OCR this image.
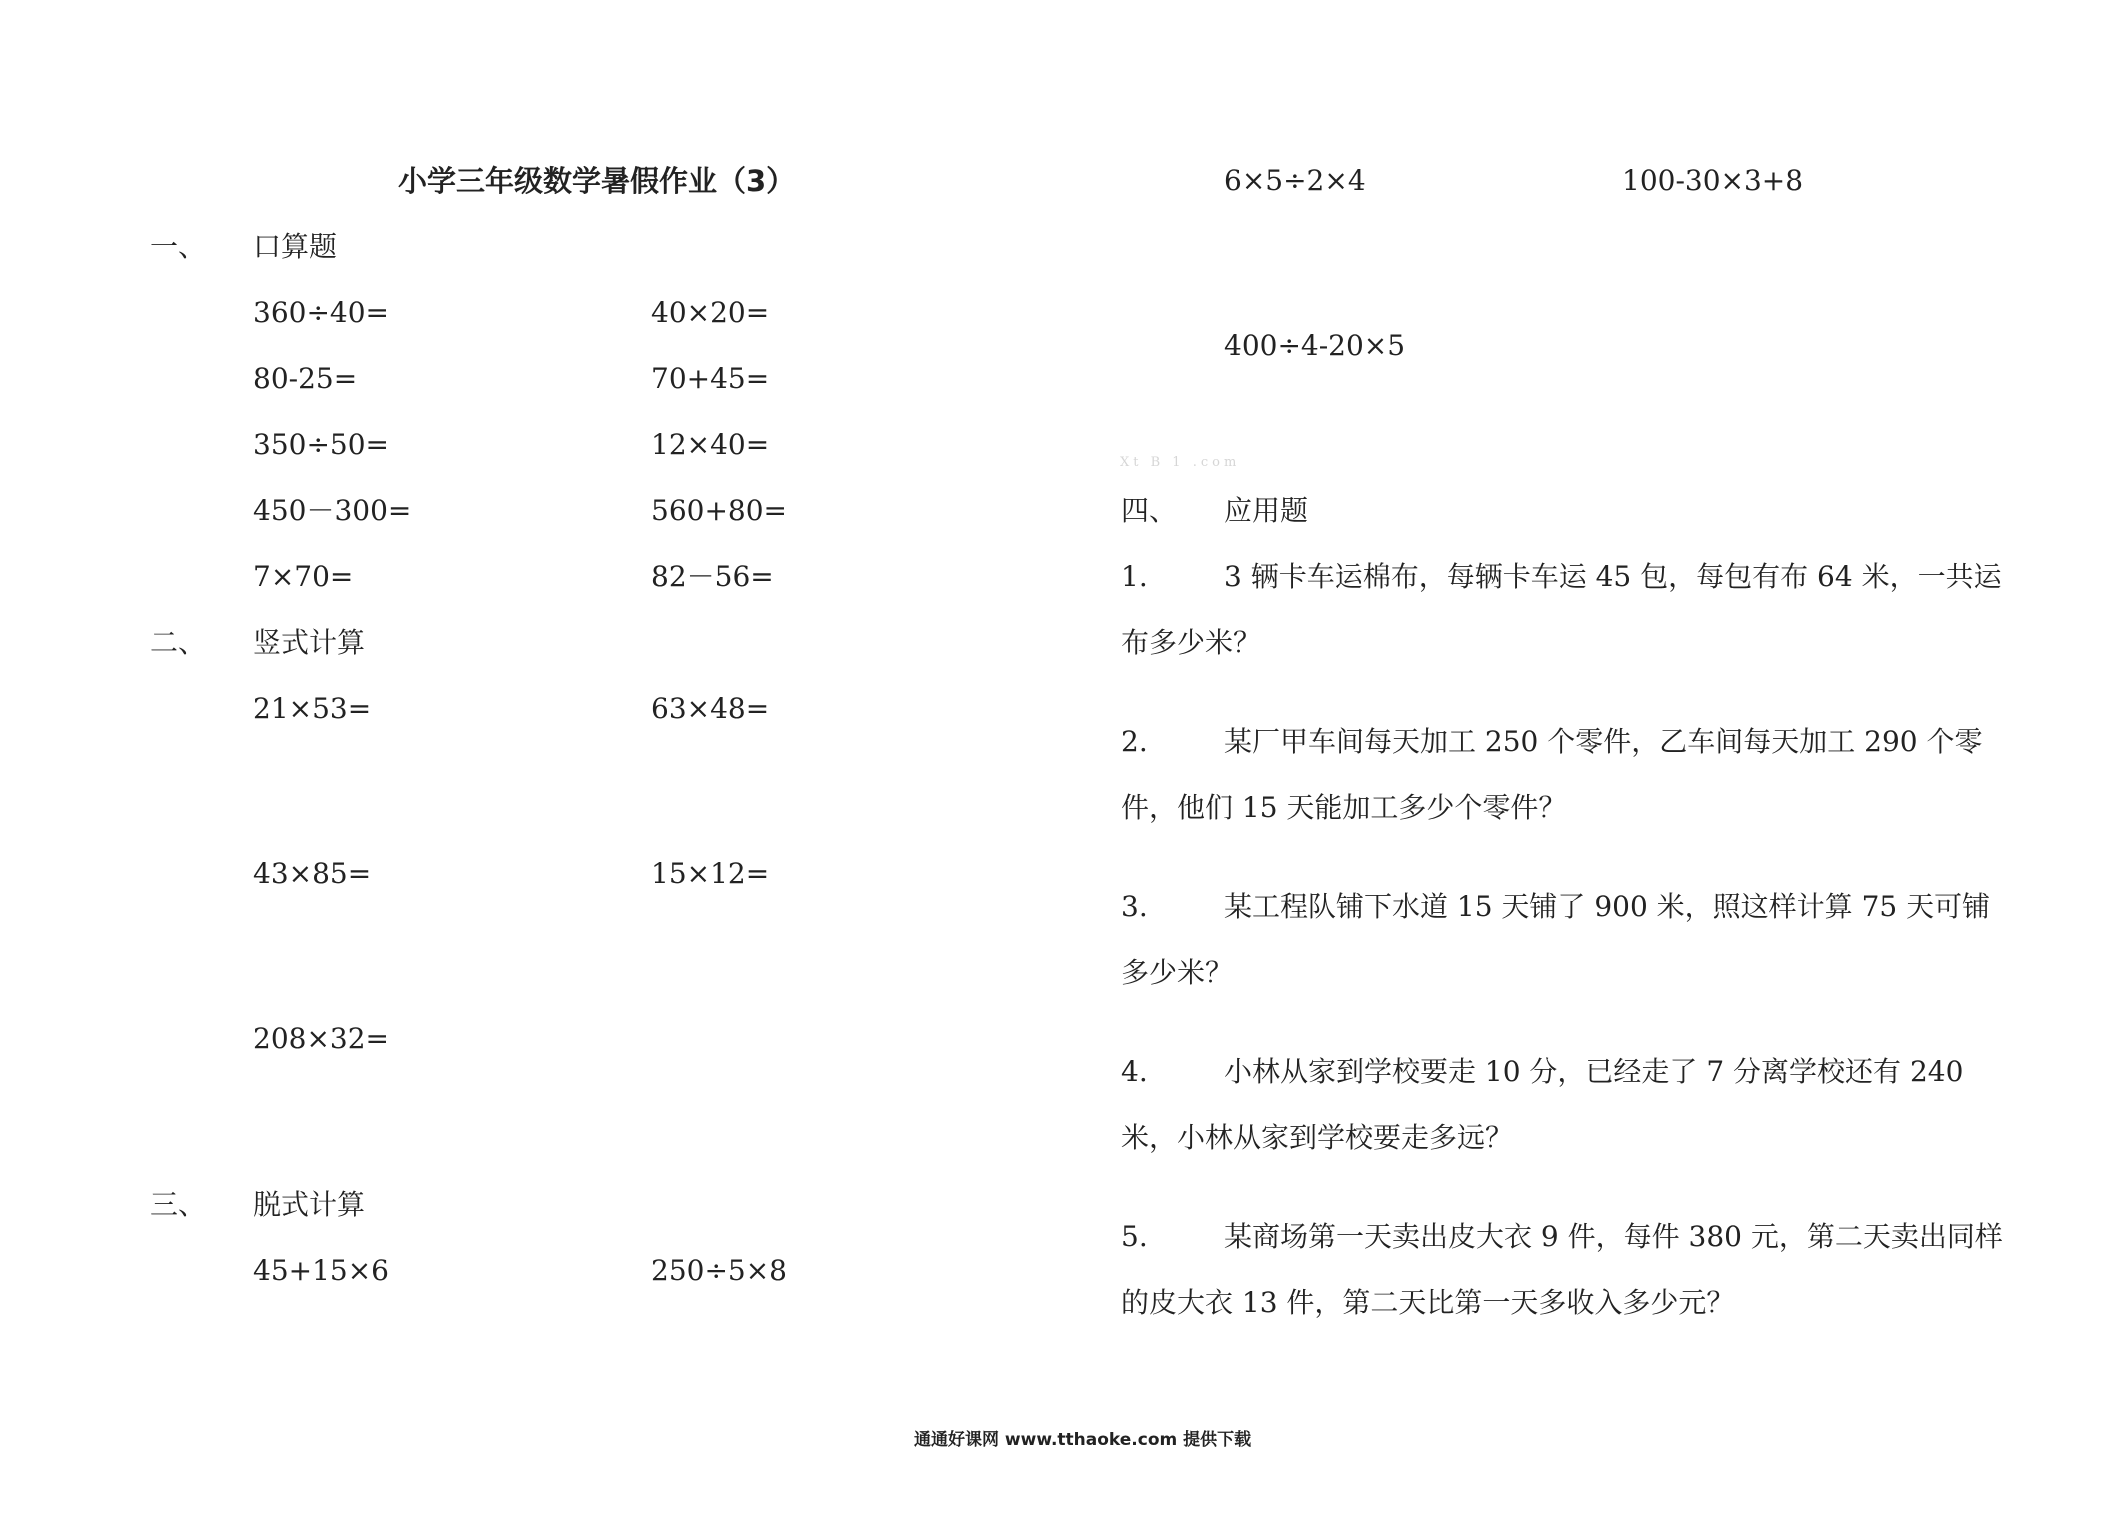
小学三年级数学暑假作业（3）
一、 口算题
360÷40=	40×20=
80-25=	70+45=
350÷50=	12×40=
450－300=	560+80=
7×70=	82－56=
二、 竖式计算
21×53=	63×48=
43×85=	15×12=
208×32=
三、 脱式计算
45+15×6	250÷5×8
6×5÷2×4	100-30×3+8
400÷4-20×5
Xt B 1 .com
四、 应用题
1.	3 辆卡车运棉布，每辆卡车运 45 包，每包有布 64 米，一共运布多少米？
2.	某厂甲车间每天加工 250 个零件，乙车间每天加工 290 个零件，他们 15 天能加工多少个零件？
3.	某工程队铺下水道 15 天铺了 900 米，照这样计算 75 天可铺多少米？
4.	小林从家到学校要走 10 分，已经走了 7 分离学校还有 240 米，小林从家到学校要走多远？
5.	某商场第一天卖出皮大衣 9 件，每件 380 元，第二天卖出同样的皮大衣 13 件，第二天比第一天多收入多少元？
通通好课网 www.tthaoke.com 提供下载
